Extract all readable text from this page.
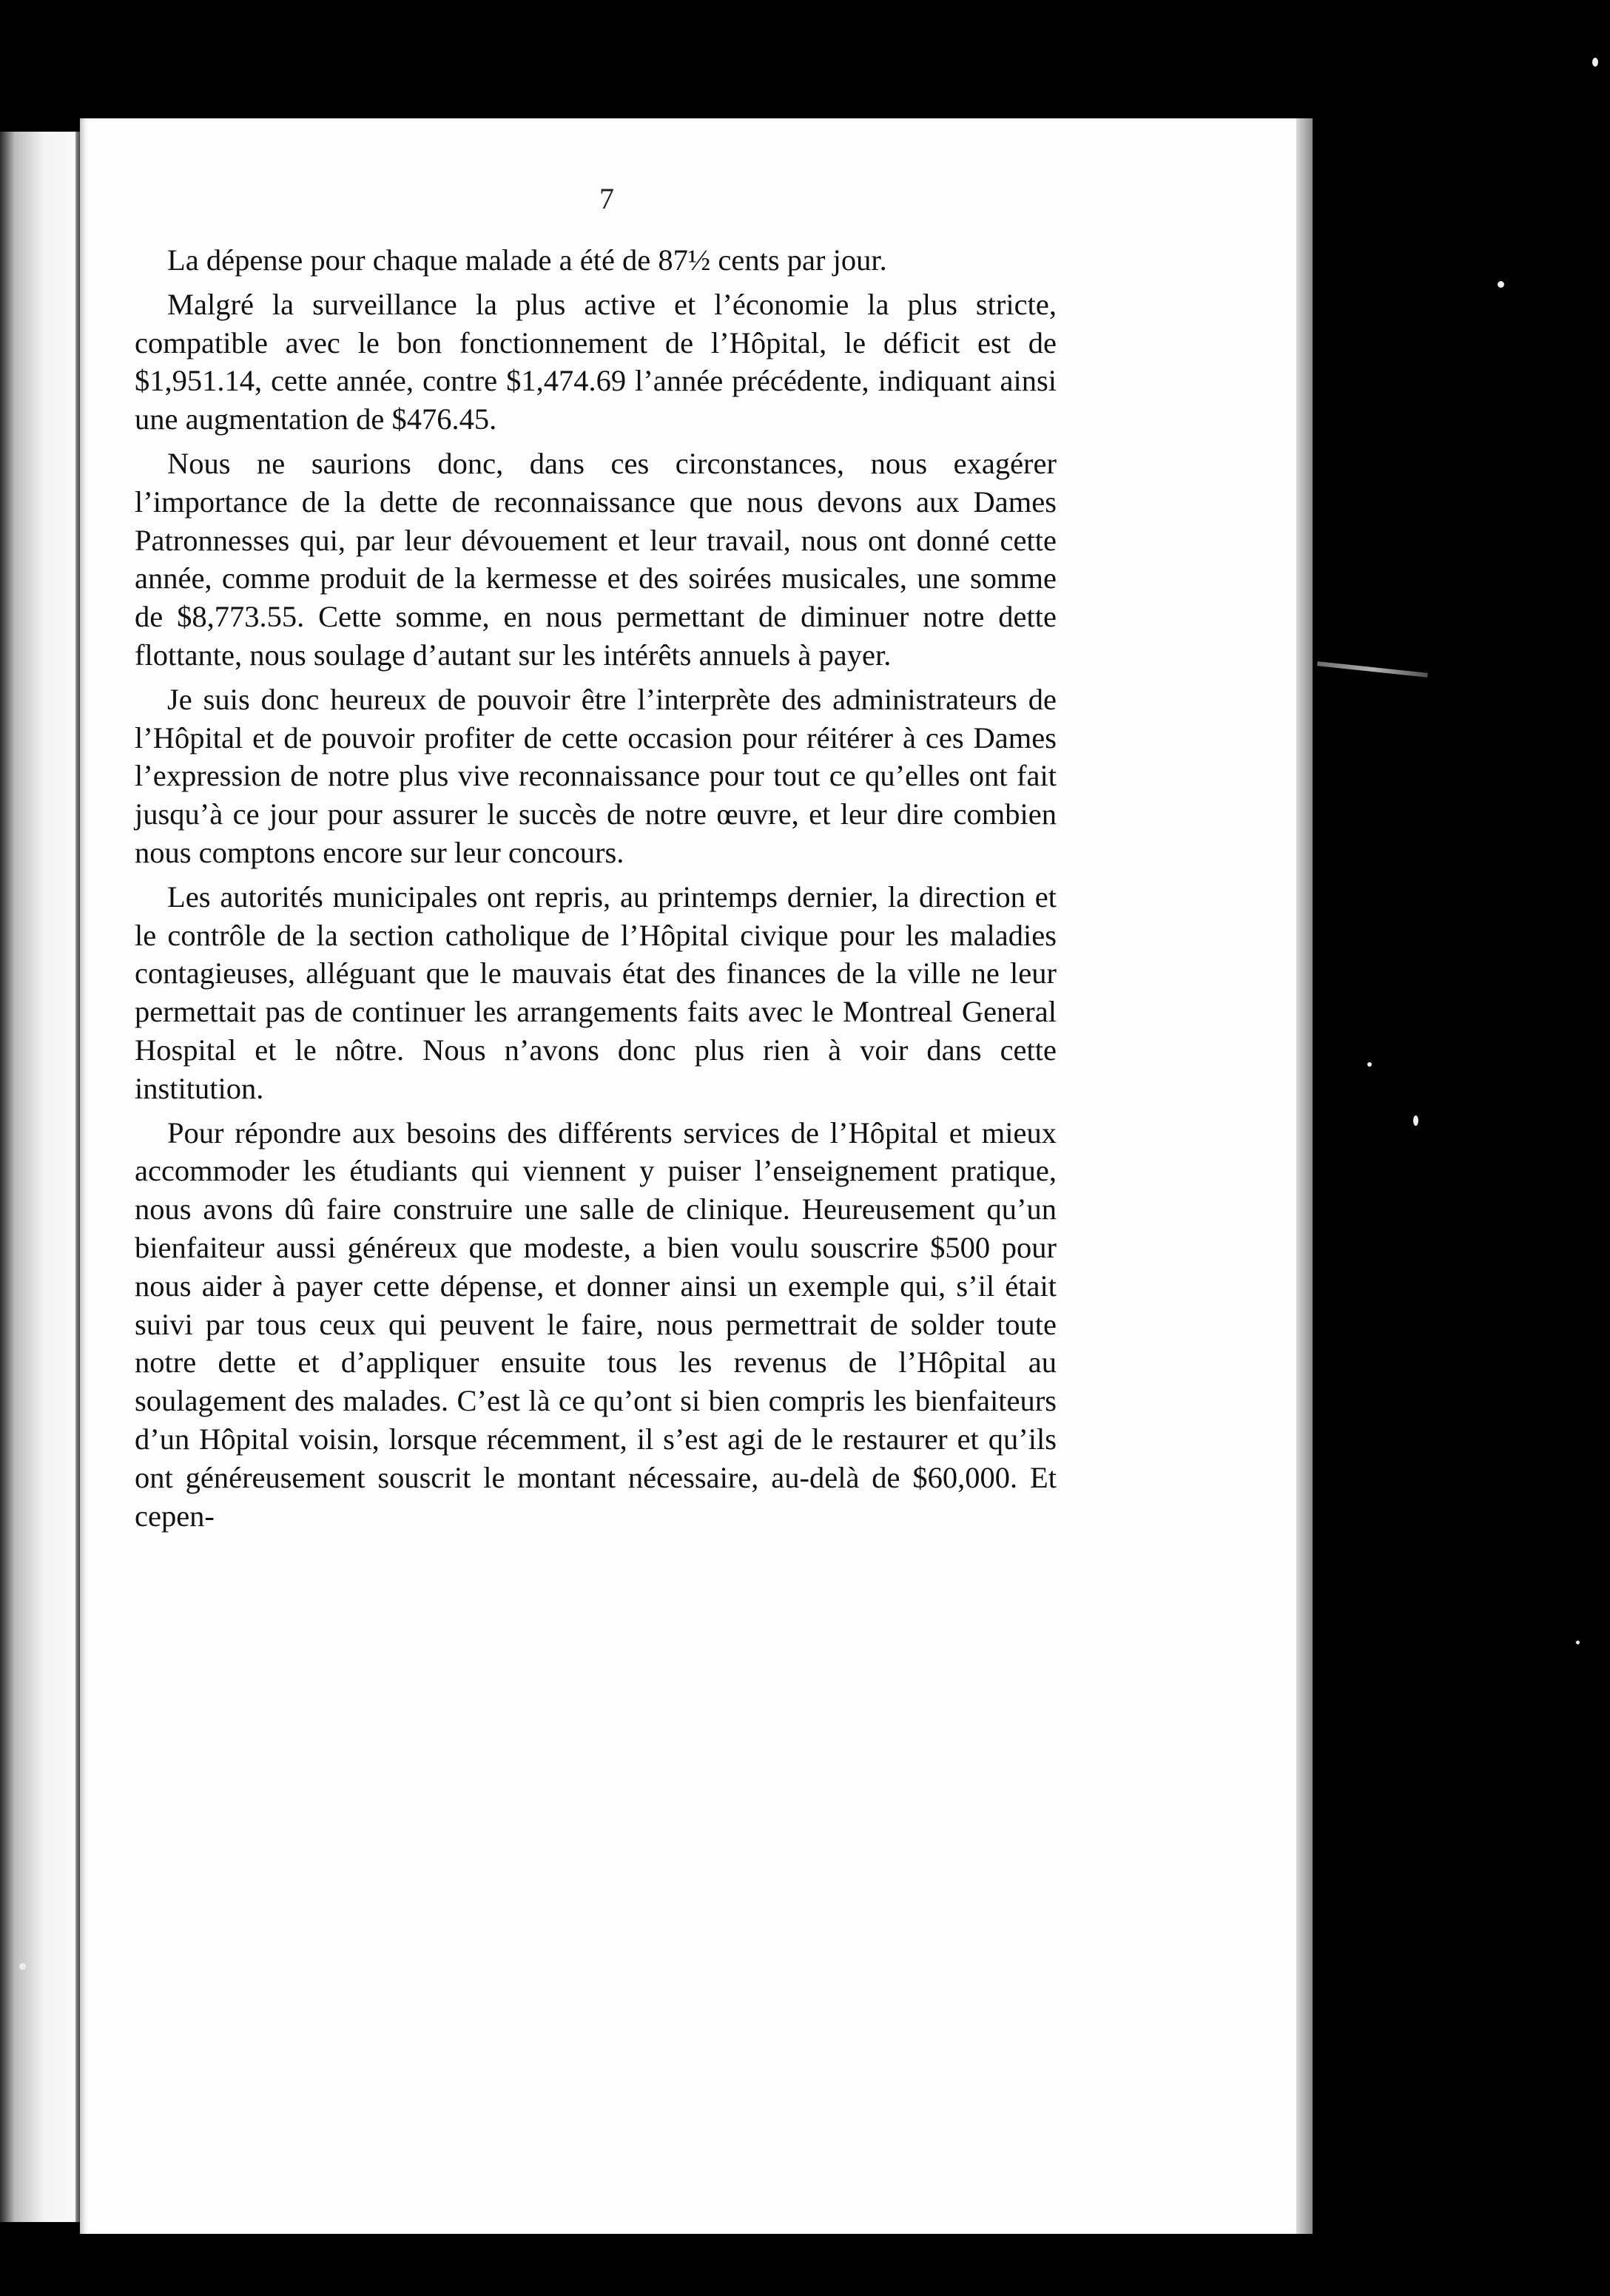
7

La dépense pour chaque malade a été de 87½ cents par jour.

Malgré la surveillance la plus active et l’économie la plus stricte, compatible avec le bon fonctionnement de l’Hôpital, le déficit est de $1,951.14, cette année, contre $1,474.69 l’année précédente, indiquant ainsi une augmentation de $476.45.

Nous ne saurions donc, dans ces circonstances, nous exagérer l’importance de la dette de reconnaissance que nous devons aux Dames Patronnesses qui, par leur dévouement et leur travail, nous ont donné cette année, comme produit de la kermesse et des soirées musicales, une somme de $8,773.55. Cette somme, en nous permettant de diminuer notre dette flottante, nous soulage d’autant sur les intérêts annuels à payer.

Je suis donc heureux de pouvoir être l’interprète des administrateurs de l’Hôpital et de pouvoir profiter de cette occasion pour réitérer à ces Dames l’expression de notre plus vive reconnaissance pour tout ce qu’elles ont fait jusqu’à ce jour pour assurer le succès de notre œuvre, et leur dire combien nous comptons encore sur leur concours.

Les autorités municipales ont repris, au printemps dernier, la direction et le contrôle de la section catholique de l’Hôpital civique pour les maladies contagieuses, alléguant que le mauvais état des finances de la ville ne leur permettait pas de continuer les arrangements faits avec le Montreal General Hospital et le nôtre. Nous n’avons donc plus rien à voir dans cette institution.

Pour répondre aux besoins des différents services de l’Hôpital et mieux accommoder les étudiants qui viennent y puiser l’enseignement pratique, nous avons dû faire construire une salle de clinique. Heureusement qu’un bienfaiteur aussi généreux que modeste, a bien voulu souscrire $500 pour nous aider à payer cette dépense, et donner ainsi un exemple qui, s’il était suivi par tous ceux qui peuvent le faire, nous permettrait de solder toute notre dette et d’appliquer ensuite tous les revenus de l’Hôpital au soulagement des malades. C’est là ce qu’ont si bien compris les bienfaiteurs d’un Hôpital voisin, lorsque récemment, il s’est agi de le restaurer et qu’ils ont généreusement souscrit le montant nécessaire, au-delà de $60,000. Et cepen-
